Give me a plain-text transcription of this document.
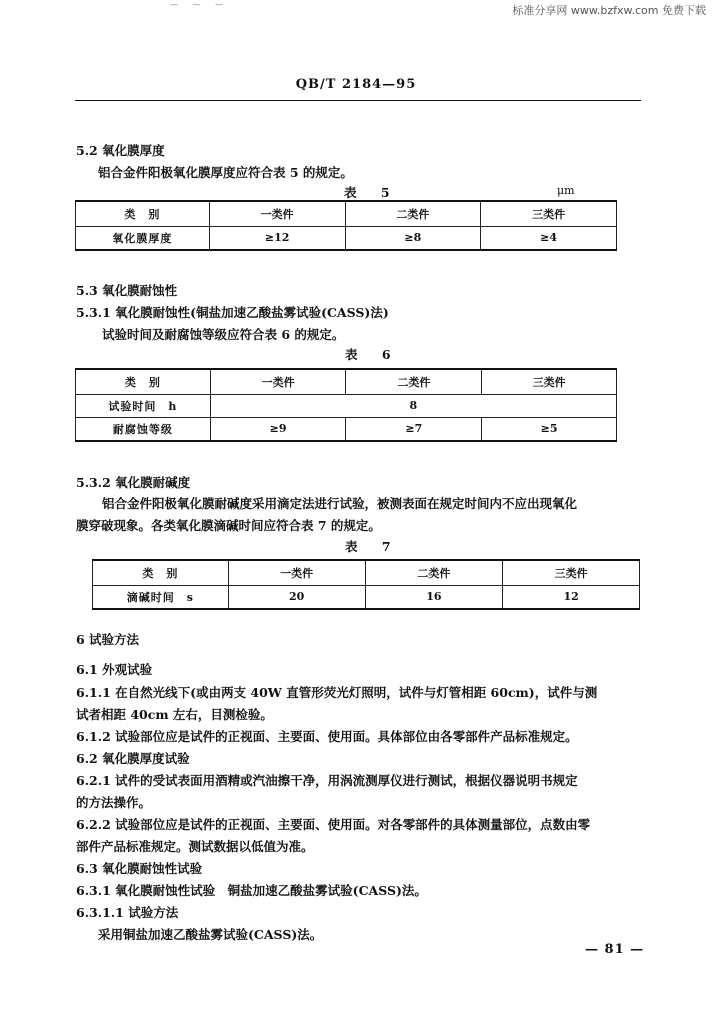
标准分享网 www.bzfxw.com 免费下载
— — —
QB/T 2184—95
5.2 氧化膜厚度
铝合金件阳极氧化膜厚度应符合表 5 的规定。
表 5	μm
类　别	一类件	二类件	三类件
氧化膜厚度	≥12	≥8	≥4
5.3 氧化膜耐蚀性
5.3.1 氧化膜耐蚀性(铜盐加速乙酸盐雾试验(CASS)法)
试验时间及耐腐蚀等级应符合表 6 的规定。
表 6
类　别	一类件	二类件	三类件
试验时间　h	8		
耐腐蚀等级	≥9	≥7	≥5
5.3.2 氧化膜耐碱度
铝合金件阳极氧化膜耐碱度采用滴定法进行试验，被测表面在规定时间内不应出现氧化
膜穿破现象。各类氧化膜滴碱时间应符合表 7 的规定。
表 7
类　别	一类件	二类件	三类件
滴碱时间　s	20	16	12
6 试验方法
6.1 外观试验
6.1.1 在自然光线下(或由两支 40W 直管形荧光灯照明，试件与灯管相距 60cm)，试件与测
试者相距 40cm 左右，目测检验。
6.1.2 试验部位应是试件的正视面、主要面、使用面。具体部位由各零部件产品标准规定。
6.2 氧化膜厚度试验
6.2.1 试件的受试表面用酒精或汽油擦干净，用涡流测厚仪进行测试，根据仪器说明书规定
的方法操作。
6.2.2 试验部位应是试件的正视面、主要面、使用面。对各零部件的具体测量部位，点数由零
部件产品标准规定。测试数据以低值为准。
6.3 氧化膜耐蚀性试验
6.3.1 氧化膜耐蚀性试验　铜盐加速乙酸盐雾试验(CASS)法。
6.3.1.1 试验方法
采用铜盐加速乙酸盐雾试验(CASS)法。
— 81 —
